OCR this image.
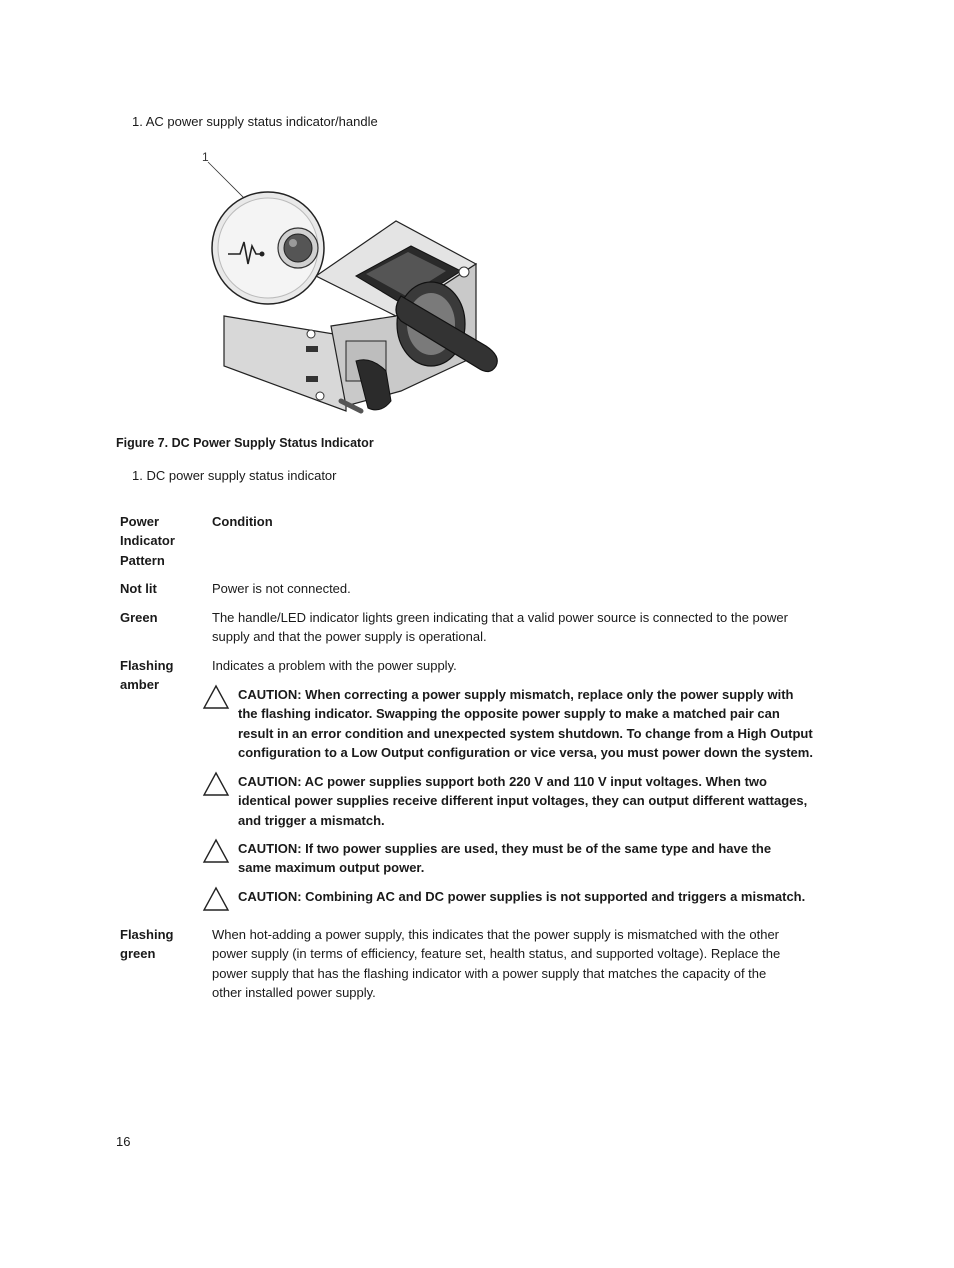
1. AC power supply status indicator/handle
1
Figure 7. DC Power Supply Status Indicator
1. DC power supply status indicator
Power Indicator Pattern
Condition
Not lit	Power is not connected.
Green	The handle/LED indicator lights green indicating that a valid power source is connected to the power supply and that the power supply is operational.
Flashing amber
Indicates a problem with the power supply.
CAUTION: When correcting a power supply mismatch, replace only the power supply with the flashing indicator. Swapping the opposite power supply to make a matched pair can result in an error condition and unexpected system shutdown. To change from a High Output configuration to a Low Output configuration or vice versa, you must power down the system.
CAUTION: AC power supplies support both 220 V and 110 V input voltages. When two identical power supplies receive different input voltages, they can output different wattages, and trigger a mismatch.
CAUTION: If two power supplies are used, they must be of the same type and have the same maximum output power.
CAUTION: Combining AC and DC power supplies is not supported and triggers a mismatch.
Flashing green
When hot-adding a power supply, this indicates that the power supply is mismatched with the other power supply (in terms of efficiency, feature set, health status, and supported voltage). Replace the power supply that has the flashing indicator with a power supply that matches the capacity of the other installed power supply.
16
